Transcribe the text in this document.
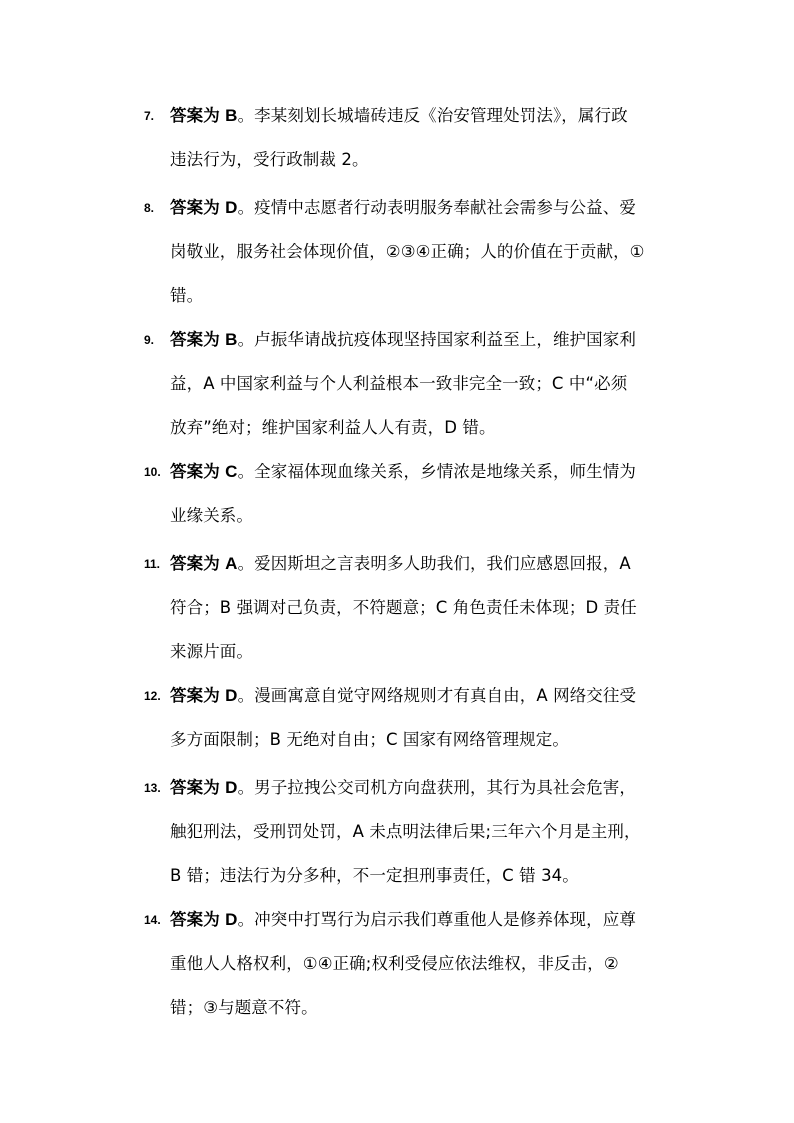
7. 答案为 B。李某刻划长城墙砖违反《治安管理处罚法》，属行政
违法行为，受行政制裁 2。
8. 答案为 D。疫情中志愿者行动表明服务奉献社会需参与公益、爱
岗敬业，服务社会体现价值，②③④正确；人的价值在于贡献，①
错。
9. 答案为 B。卢振华请战抗疫体现坚持国家利益至上，维护国家利
益，A 中国家利益与个人利益根本一致非完全一致；C 中“必须
放弃”绝对；维护国家利益人人有责，D 错。
10. 答案为 C。全家福体现血缘关系，乡情浓是地缘关系，师生情为
业缘关系。
11. 答案为 A。爱因斯坦之言表明多人助我们，我们应感恩回报，A
符合；B 强调对己负责，不符题意；C 角色责任未体现；D 责任
来源片面。
12. 答案为 D。漫画寓意自觉守网络规则才有真自由，A 网络交往受
多方面限制；B 无绝对自由；C 国家有网络管理规定。
13. 答案为 D。男子拉拽公交司机方向盘获刑，其行为具社会危害，
触犯刑法，受刑罚处罚，A 未点明法律后果;三年六个月是主刑，
B 错；违法行为分多种，不一定担刑事责任，C 错 34。
14. 答案为 D。冲突中打骂行为启示我们尊重他人是修养体现，应尊
重他人人格权利，①④正确;权利受侵应依法维权，非反击，②
错；③与题意不符。
